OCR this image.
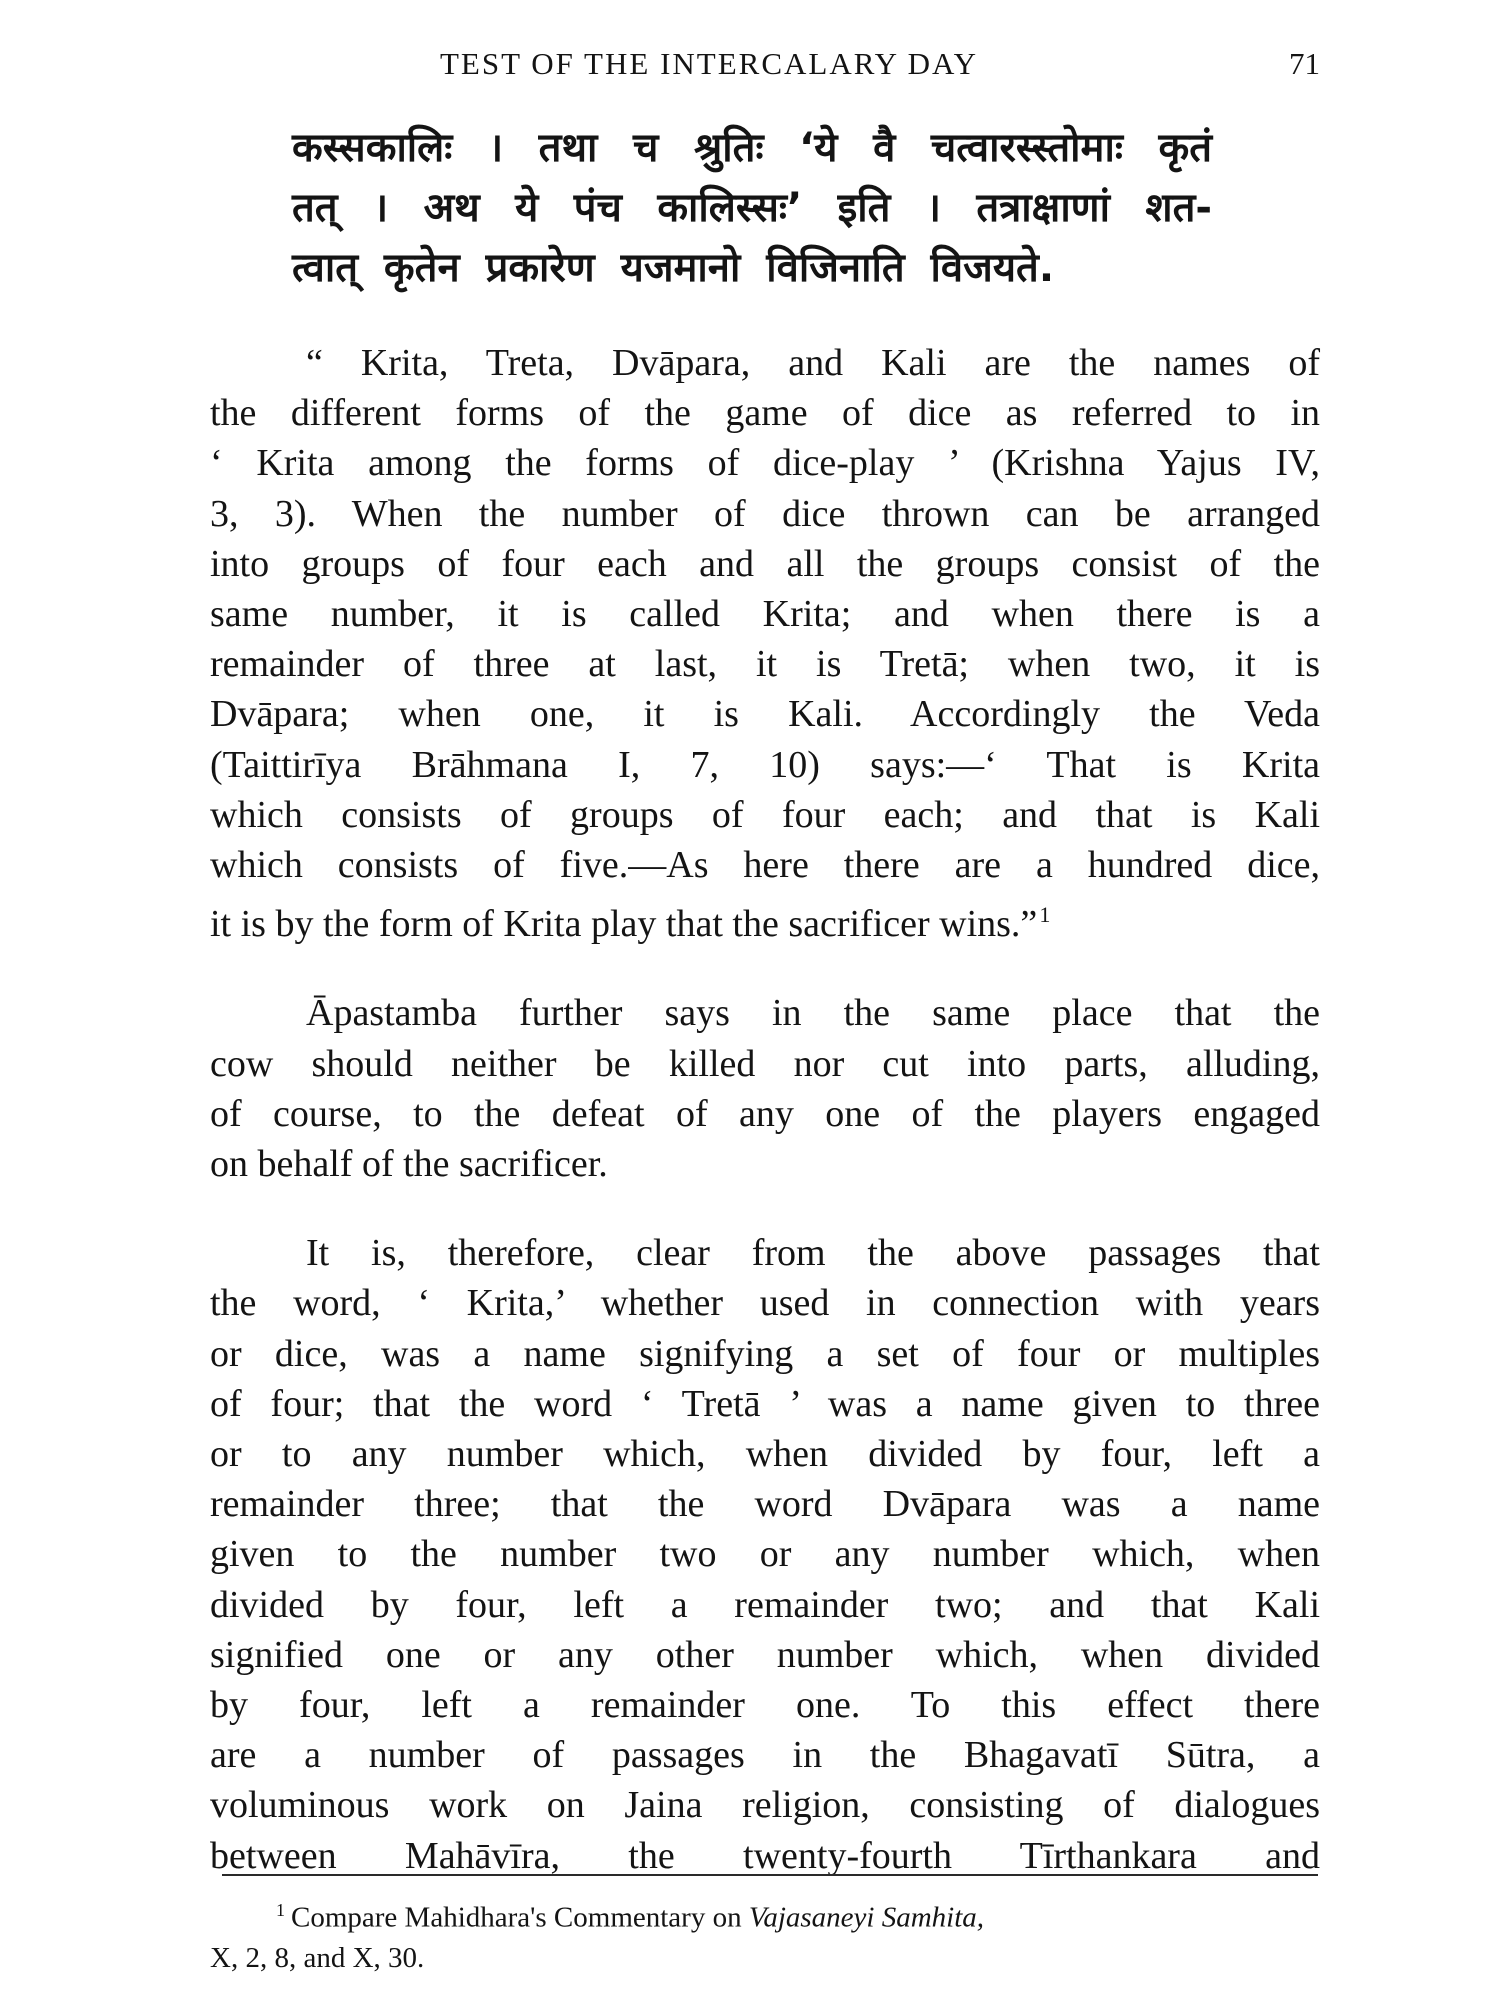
TEST OF THE INTERCALARY DAY	71
कस्सकालिः । तथा च श्रुतिः ‘ये वै चत्वारस्स्तोमाः कृतं
तत् । अथ ये पंच कालिस्सः’ इति । तत्राक्षाणां शत-
त्वात् कृतेन प्रकारेण यजमानो विजिनाति विजयते.
“ Krita, Treta, Dvāpara, and Kali are the names of
the different forms of the game of dice as referred to in
‘ Krita among the forms of dice-play ’ (Krishna Yajus IV,
3, 3). When the number of dice thrown can be arranged
into groups of four each and all the groups consist of the
same number, it is called Krita; and when there is a
remainder of three at last, it is Tretā; when two, it is
Dvāpara; when one, it is Kali. Accordingly the Veda
(Taittirīya Brāhmana I, 7, 10) says:—‘ That is Krita
which consists of groups of four each; and that is Kali
which consists of five.—As here there are a hundred dice,
it is by the form of Krita play that the sacrificer wins.”$^1$
Āpastamba further says in the same place that the
cow should neither be killed nor cut into parts, alluding,
of course, to the defeat of any one of the players engaged
on behalf of the sacrificer.
It is, therefore, clear from the above passages that
the word, ‘ Krita,’ whether used in connection with years
or dice, was a name signifying a set of four or multiples
of four; that the word ‘ Tretā ’ was a name given to three
or to any number which, when divided by four, left a
remainder three; that the word Dvāpara was a name
given to the number two or any number which, when
divided by four, left a remainder two; and that Kali
signified one or any other number which, when divided
by four, left a remainder one. To this effect there
are a number of passages in the Bhagavatī Sūtra, a
voluminous work on Jaina religion, consisting of dialogues
between Mahāvīra, the twenty-fourth Tīrthankara and
$^1$ Compare Mahidhara's Commentary on Vajasaneyi Samhita,
X, 2, 8, and X, 30.
